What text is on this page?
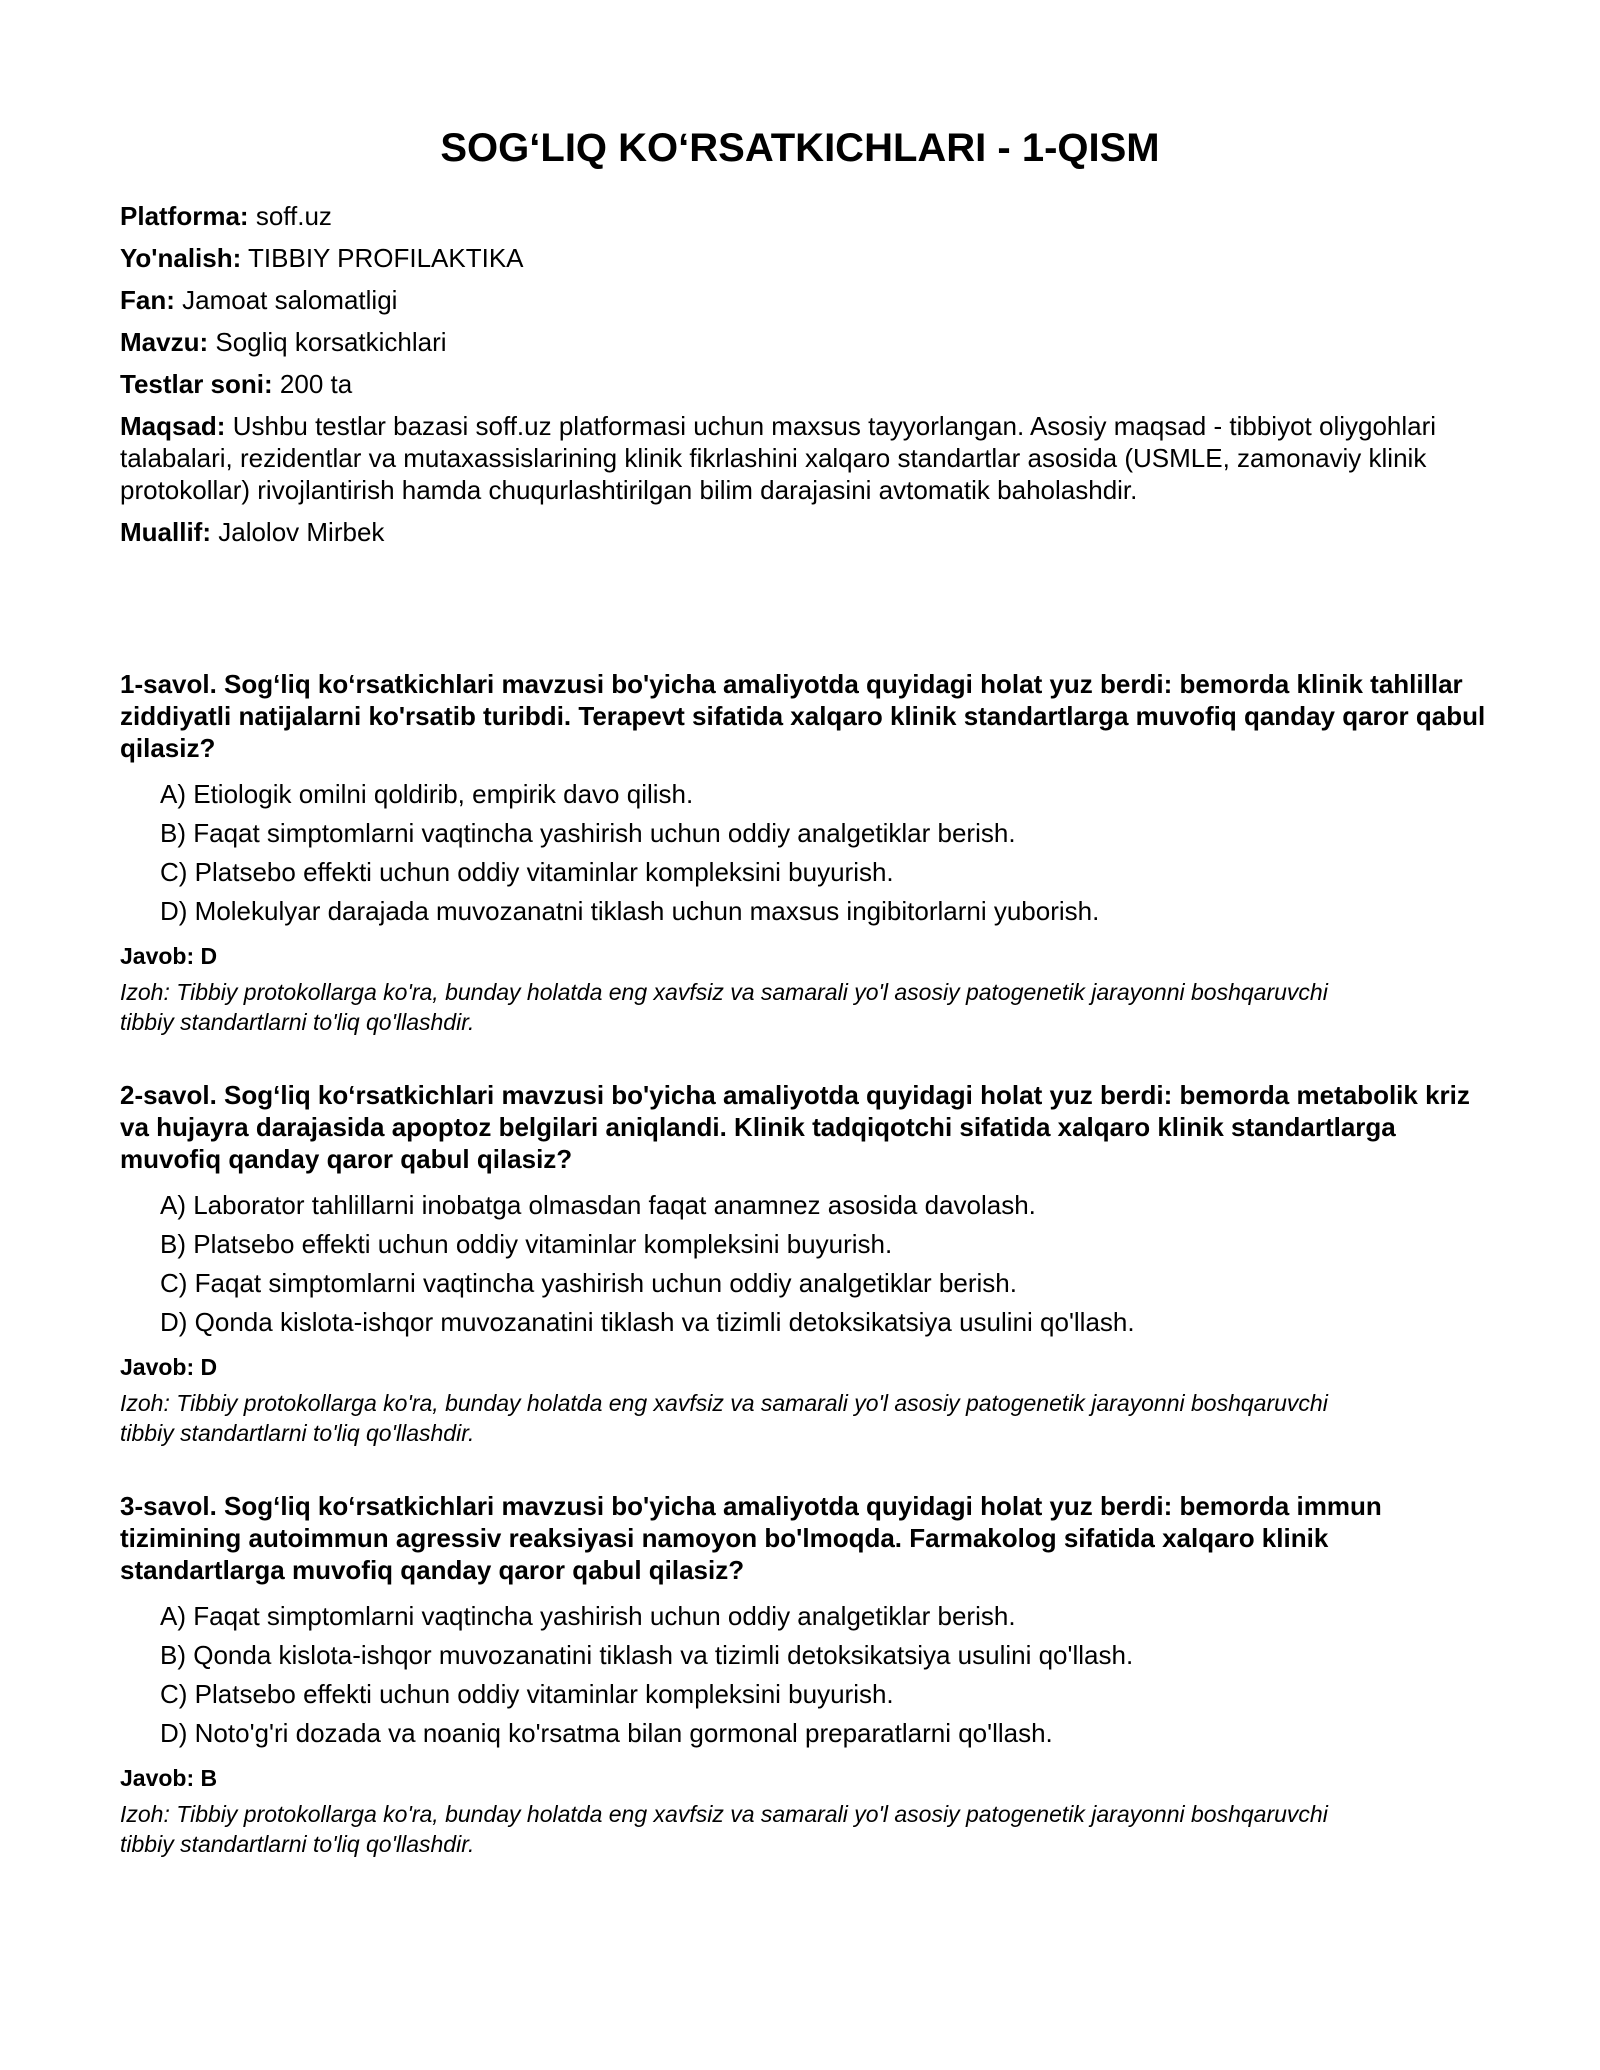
SOG‘LIQ KO‘RSATKICHLARI - 1-QISM

Platforma: soff.uz

Yo'nalish: TIBBIY PROFILAKTIKA

Fan: Jamoat salomatligi

Mavzu: Sogliq korsatkichlari

Testlar soni: 200 ta

Maqsad: Ushbu testlar bazasi soff.uz platformasi uchun maxsus tayyorlangan. Asosiy maqsad - tibbiyot oliygohlari talabalari, rezidentlar va mutaxassislarining klinik fikrlashini xalqaro standartlar asosida (USMLE, zamonaviy klinik protokollar) rivojlantirish hamda chuqurlashtirilgan bilim darajasini avtomatik baholashdir.

Muallif: Jalolov Mirbek

1-savol. Sog‘liq ko‘rsatkichlari mavzusi bo'yicha amaliyotda quyidagi holat yuz berdi: bemorda klinik tahlillar ziddiyatli natijalarni ko'rsatib turibdi. Terapevt sifatida xalqaro klinik standartlarga muvofiq qanday qaror qabul qilasiz?

A) Etiologik omilni qoldirib, empirik davo qilish.
B) Faqat simptomlarni vaqtincha yashirish uchun oddiy analgetiklar berish.
C) Platsebo effekti uchun oddiy vitaminlar kompleksini buyurish.
D) Molekulyar darajada muvozanatni tiklash uchun maxsus ingibitorlarni yuborish.

Javob: D

Izoh: Tibbiy protokollarga ko'ra, bunday holatda eng xavfsiz va samarali yo'l asosiy patogenetik jarayonni boshqaruvchi tibbiy standartlarni to'liq qo'llashdir.

2-savol. Sog‘liq ko‘rsatkichlari mavzusi bo'yicha amaliyotda quyidagi holat yuz berdi: bemorda metabolik kriz va hujayra darajasida apoptoz belgilari aniqlandi. Klinik tadqiqotchi sifatida xalqaro klinik standartlarga muvofiq qanday qaror qabul qilasiz?

A) Laborator tahlillarni inobatga olmasdan faqat anamnez asosida davolash.
B) Platsebo effekti uchun oddiy vitaminlar kompleksini buyurish.
C) Faqat simptomlarni vaqtincha yashirish uchun oddiy analgetiklar berish.
D) Qonda kislota-ishqor muvozanatini tiklash va tizimli detoksikatsiya usulini qo'llash.

Javob: D

Izoh: Tibbiy protokollarga ko'ra, bunday holatda eng xavfsiz va samarali yo'l asosiy patogenetik jarayonni boshqaruvchi tibbiy standartlarni to'liq qo'llashdir.

3-savol. Sog‘liq ko‘rsatkichlari mavzusi bo'yicha amaliyotda quyidagi holat yuz berdi: bemorda immun tizimining autoimmun agressiv reaksiyasi namoyon bo'lmoqda. Farmakolog sifatida xalqaro klinik standartlarga muvofiq qanday qaror qabul qilasiz?

A) Faqat simptomlarni vaqtincha yashirish uchun oddiy analgetiklar berish.
B) Qonda kislota-ishqor muvozanatini tiklash va tizimli detoksikatsiya usulini qo'llash.
C) Platsebo effekti uchun oddiy vitaminlar kompleksini buyurish.
D) Noto'g'ri dozada va noaniq ko'rsatma bilan gormonal preparatlarni qo'llash.

Javob: B

Izoh: Tibbiy protokollarga ko'ra, bunday holatda eng xavfsiz va samarali yo'l asosiy patogenetik jarayonni boshqaruvchi tibbiy standartlarni to'liq qo'llashdir.
